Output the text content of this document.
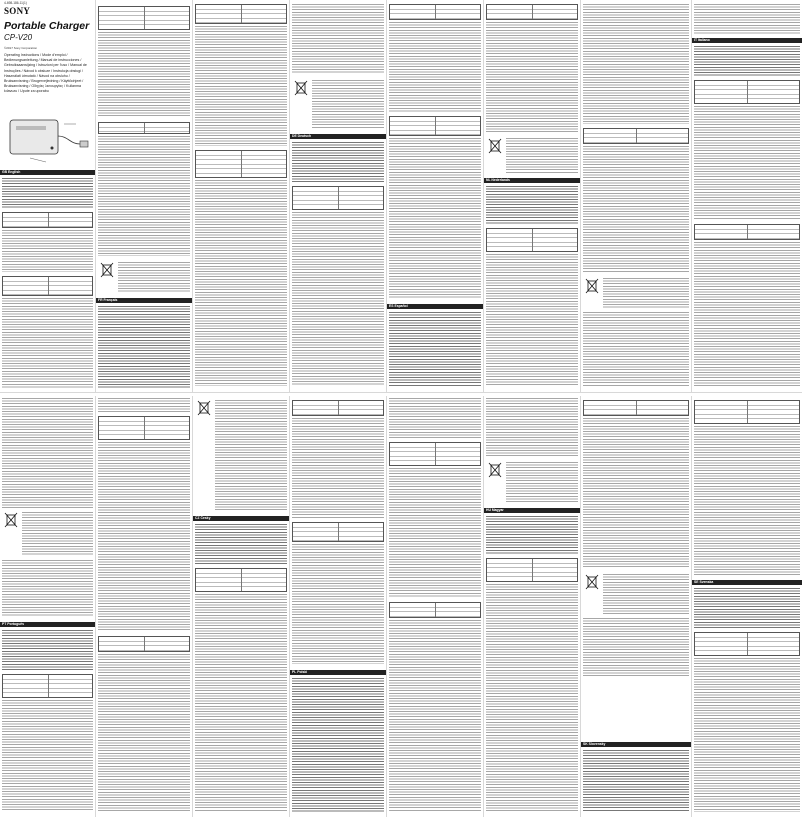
4-698-186-11(1)
SONY
Portable Charger
CP-V20
©2017 Sony Corporation
Operating Instructions / Mode d’emploi / Bedienungsanleitung / Manual de instrucciones / Gebruiksaanwijzing / Istruzioni per l’uso / Manual de Instruções / Návod k obsluze / Instrukcja obsługi / Használati útmutató / Návod na obsluhu / Bruksanvisning / Brugervejledning / Käyttöohjeet / Bruksanvisning / Οδηγίες λειτουργίας / Kullanma kılavuzu / Upute za uporabu
GB English
FR Français
DE Deutsch
ES Español
NL Nederlands
IT Italiano
PT Português
CZ Česky
PL Polski
HU Magyar
SK Slovensky
SE Svenska
